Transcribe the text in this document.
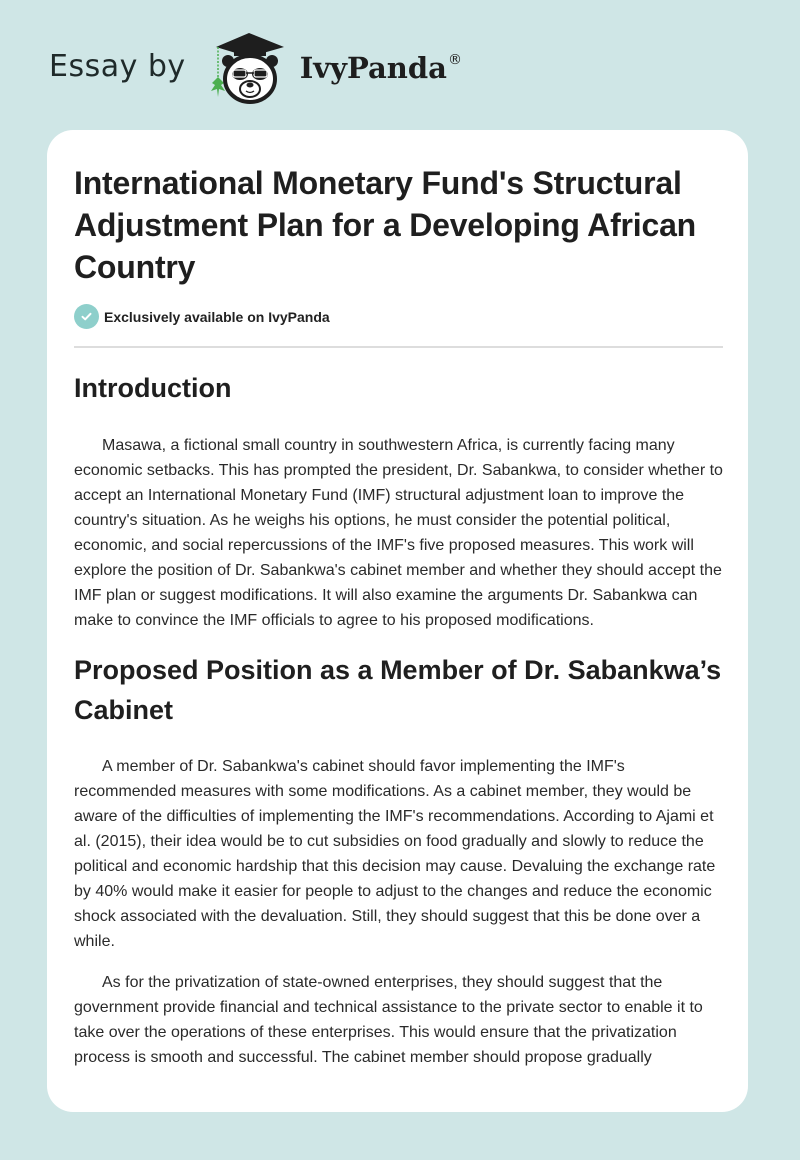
Essay by	IvyPanda®
International Monetary Fund's Structural Adjustment Plan for a Developing African Country
Exclusively available on IvyPanda
Introduction

Masawa, a fictional small country in southwestern Africa, is currently facing many economic setbacks. This has prompted the president, Dr. Sabankwa, to consider whether to accept an International Monetary Fund (IMF) structural adjustment loan to improve the country's situation. As he weighs his options, he must consider the potential political, economic, and social repercussions of the IMF's five proposed measures. This work will explore the position of Dr. Sabankwa's cabinet member and whether they should accept the IMF plan or suggest modifications. It will also examine the arguments Dr. Sabankwa can make to convince the IMF officials to agree to his proposed modifications.

Proposed Position as a Member of Dr. Sabankwa’s Cabinet

A member of Dr. Sabankwa's cabinet should favor implementing the IMF's recommended measures with some modifications. As a cabinet member, they would be aware of the difficulties of implementing the IMF's recommendations. According to Ajami et al. (2015), their idea would be to cut subsidies on food gradually and slowly to reduce the political and economic hardship that this decision may cause. Devaluing the exchange rate by 40% would make it easier for people to adjust to the changes and reduce the economic shock associated with the devaluation. Still, they should suggest that this be done over a while.

As for the privatization of state-owned enterprises, they should suggest that the government provide financial and technical assistance to the private sector to enable it to take over the operations of these enterprises. This would ensure that the privatization process is smooth and successful. The cabinet member should propose gradually
